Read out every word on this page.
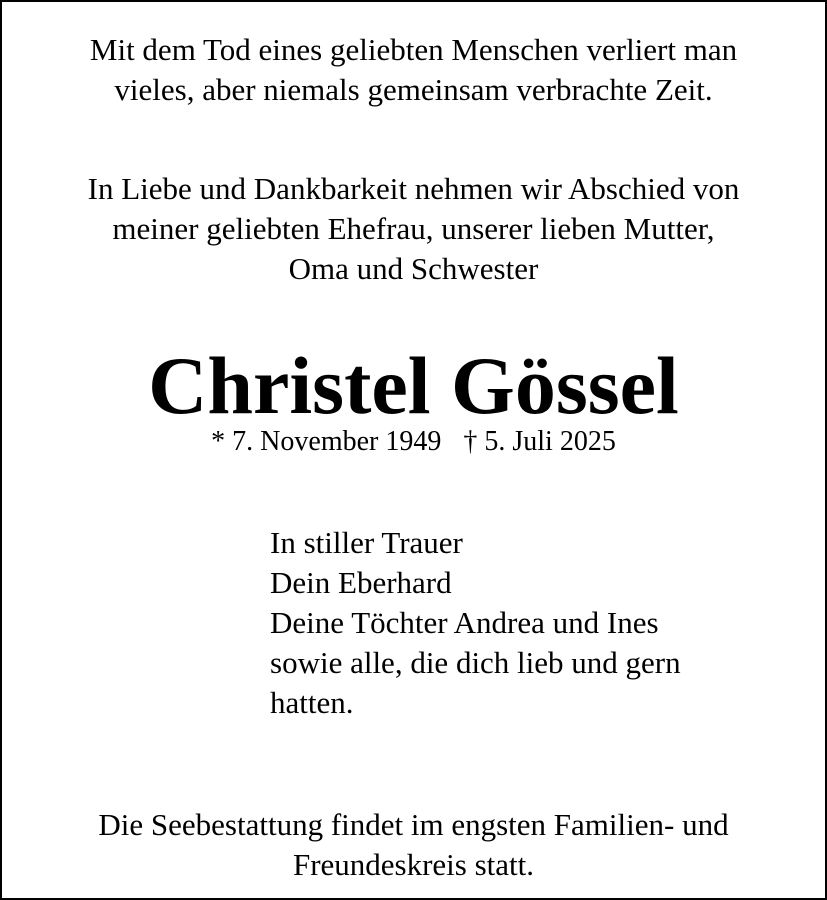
Mit dem Tod eines geliebten Menschen verliert man
vieles, aber niemals gemeinsam verbrachte Zeit.
In Liebe und Dankbarkeit nehmen wir Abschied von
meiner geliebten Ehefrau, unserer lieben Mutter,
Oma und Schwester
Christel Gössel
* 7. November 1949 † 5. Juli 2025
In stiller Trauer
Dein Eberhard
Deine Töchter Andrea und Ines
sowie alle, die dich lieb und gern
hatten.
Die Seebestattung findet im engsten Familien- und
Freundeskreis statt.
